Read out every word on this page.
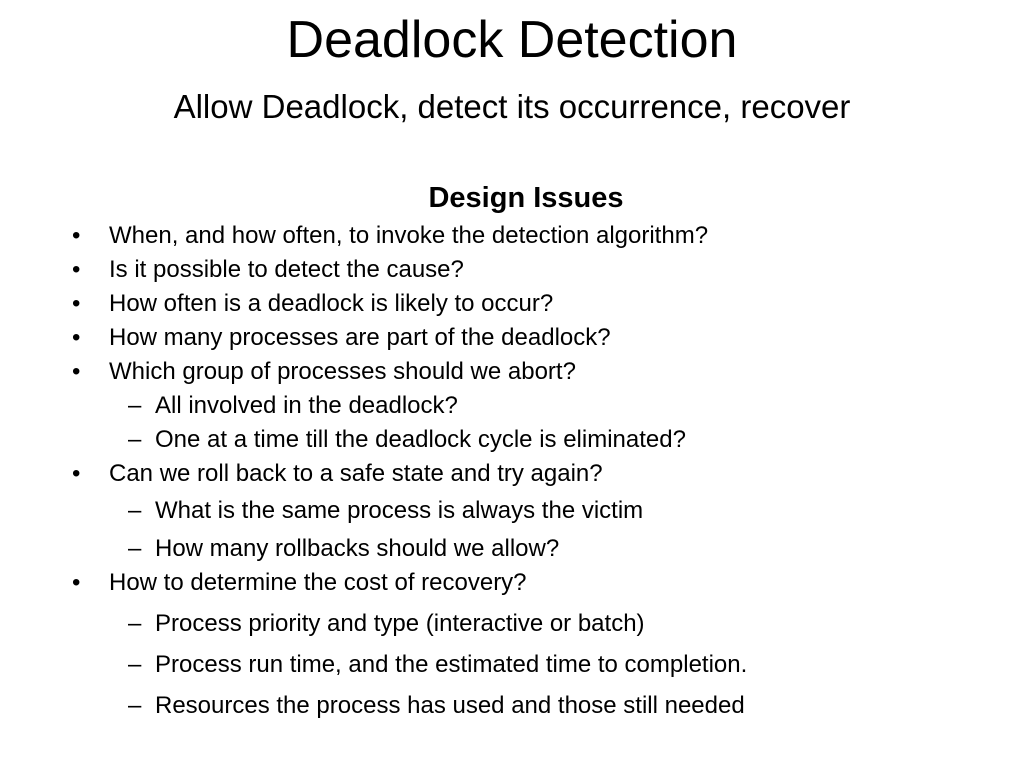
Deadlock Detection
Allow Deadlock, detect its occurrence, recover
Design Issues
• When, and how often, to invoke the detection algorithm?
• Is it possible to detect the cause?
• How often is a deadlock is likely to occur?
• How many processes are part of the deadlock?
• Which group of processes should we abort?
– All involved in the deadlock?
– One at a time till the deadlock cycle is eliminated?
• Can we roll back to a safe state and try again?
– What is the same process is always the victim
– How many rollbacks should we allow?
• How to determine the cost of recovery?
– Process priority and type (interactive or batch)
– Process run time, and the estimated time to completion.
– Resources the process has used and those still needed
